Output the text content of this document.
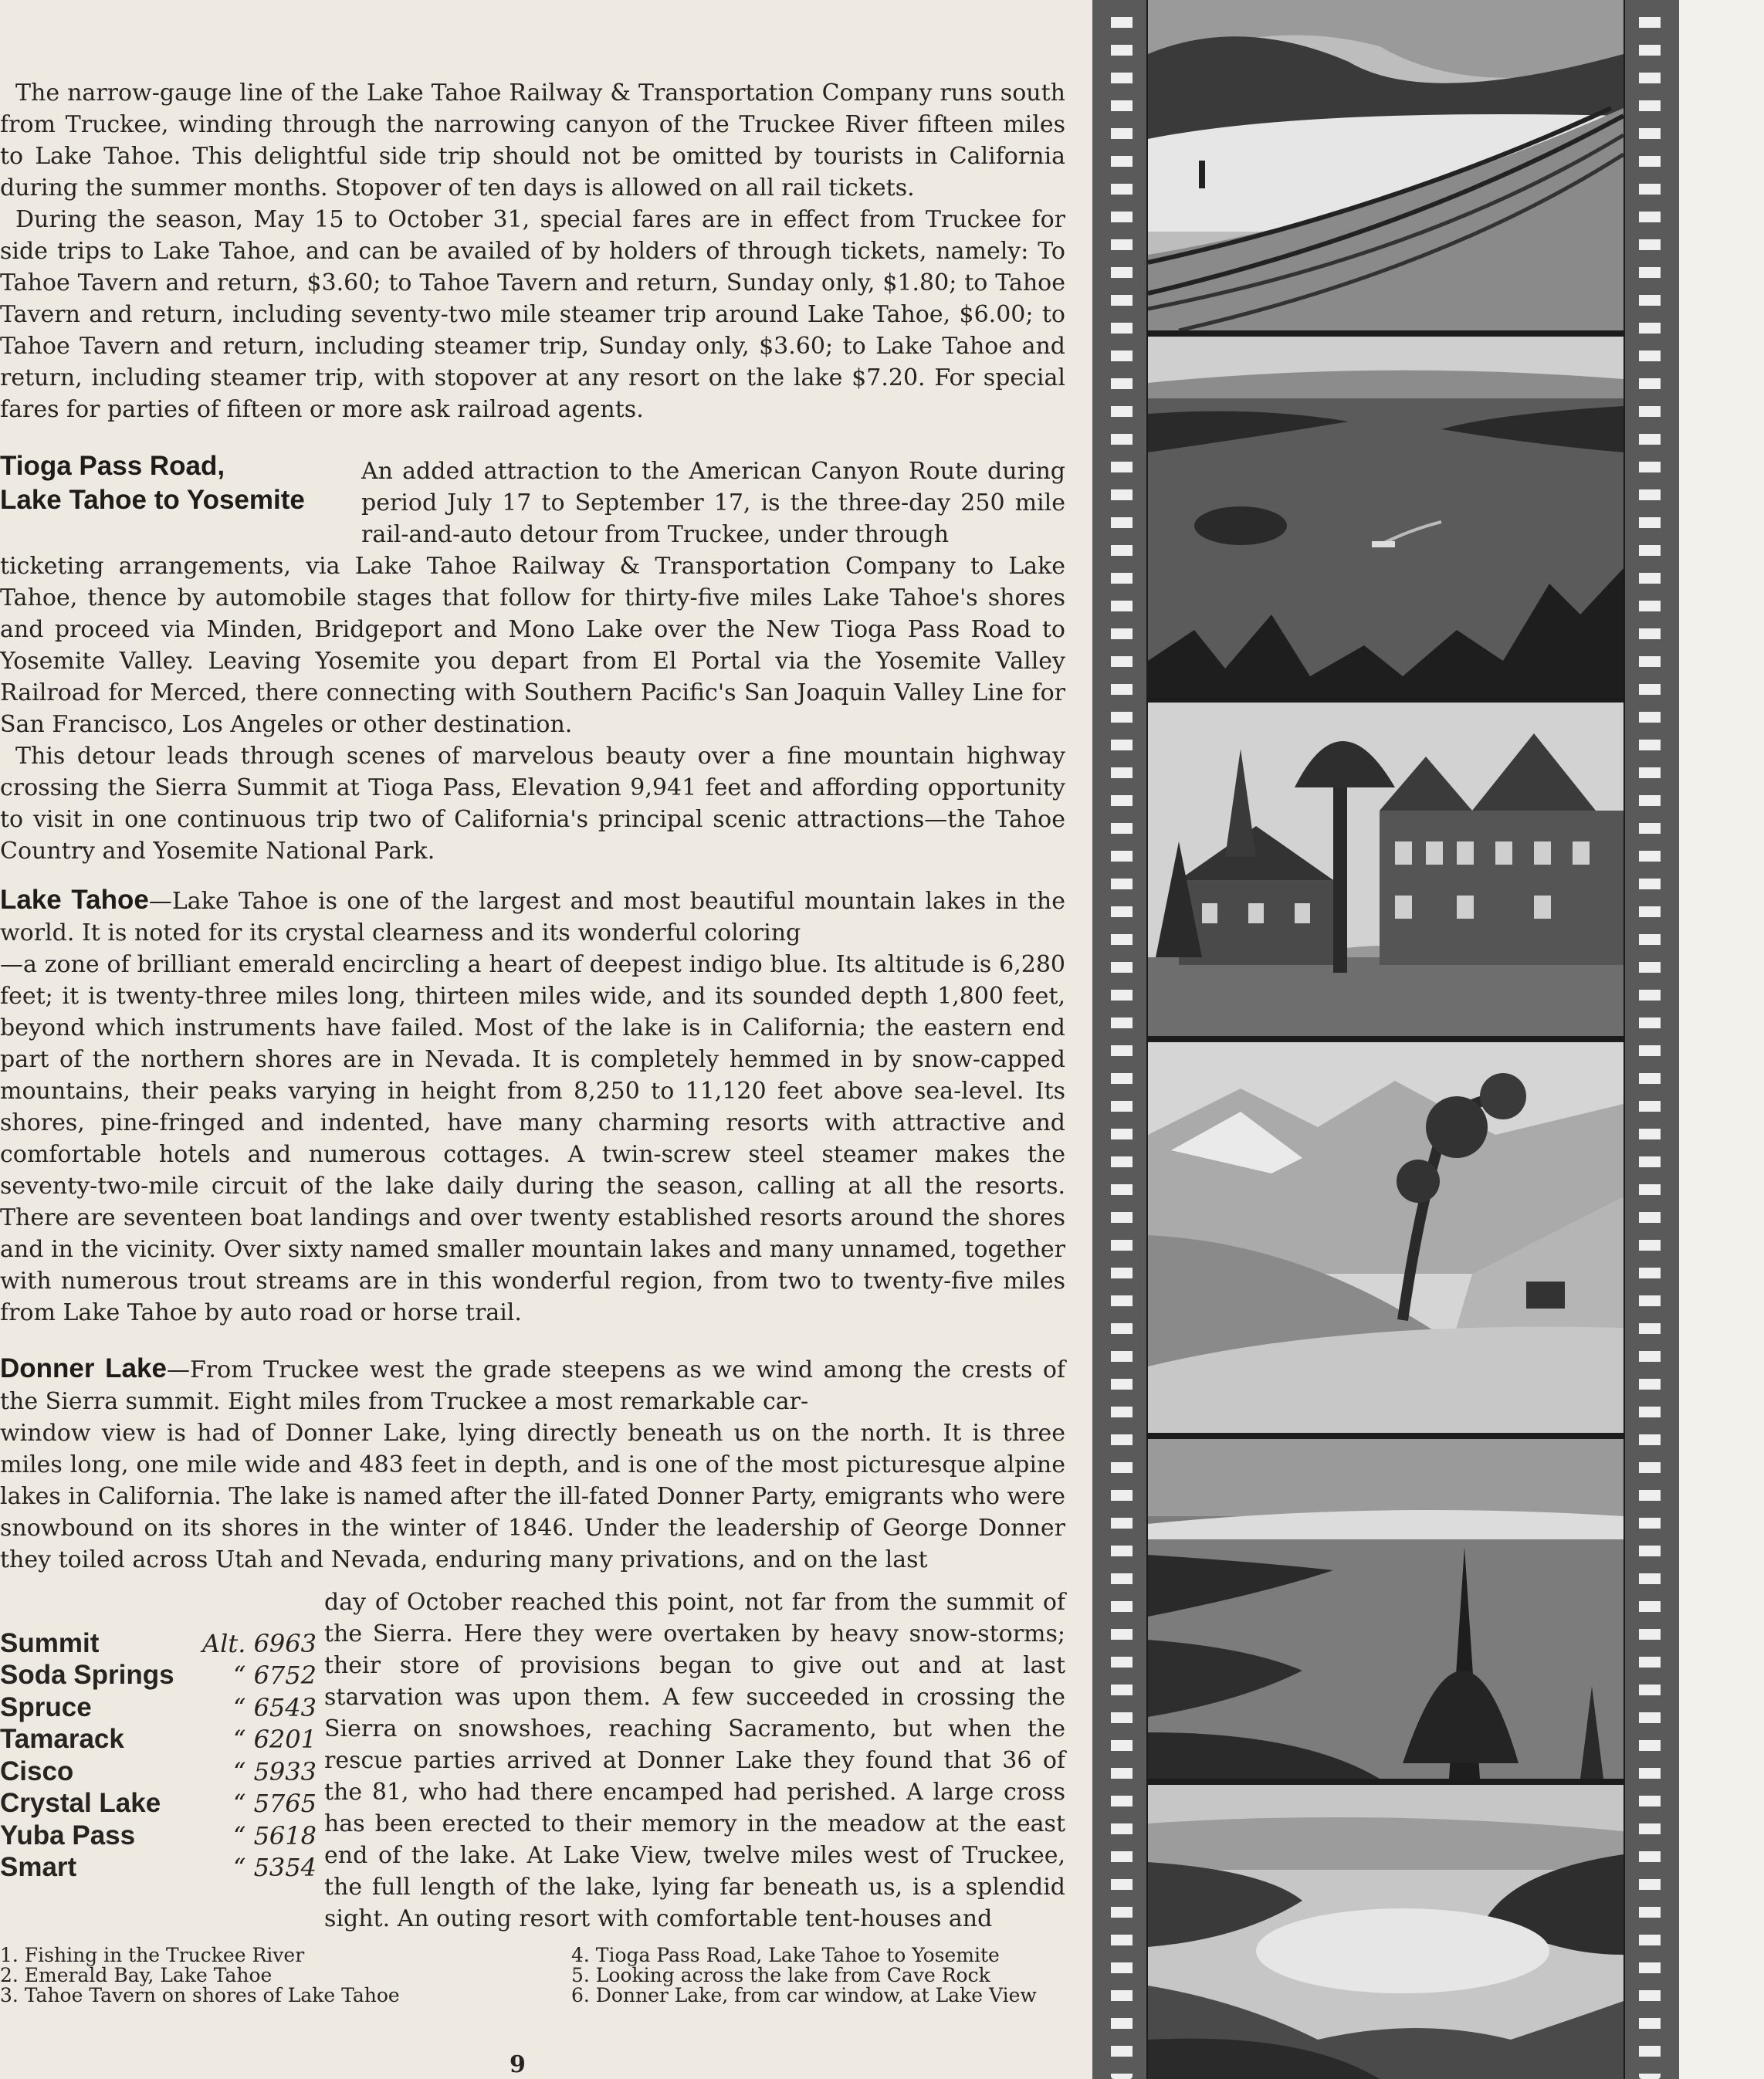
The narrow-gauge line of the Lake Tahoe Railway & Transportation Company runs south from Truckee, winding through the narrowing canyon of the Truckee River fifteen miles to Lake Tahoe. This delightful side trip should not be omitted by tourists in California during the summer months. Stopover of ten days is allowed on all rail tickets.

During the season, May 15 to October 31, special fares are in effect from Truckee for side trips to Lake Tahoe, and can be availed of by holders of through tickets, namely: To Tahoe Tavern and return, $3.60; to Tahoe Tavern and return, Sunday only, $1.80; to Tahoe Tavern and return, including seventy-two mile steamer trip around Lake Tahoe, $6.00; to Tahoe Tavern and return, including steamer trip, Sunday only, $3.60; to Lake Tahoe and return, including steamer trip, with stopover at any resort on the lake $7.20. For special fares for parties of fifteen or more ask railroad agents.

Tioga Pass Road,
Lake Tahoe to Yosemite
An added attraction to the American Canyon Route during period July 17 to September 17, is the three-day 250 mile rail-and-auto detour from Truckee, under through

ticketing arrangements, via Lake Tahoe Railway & Transportation Company to Lake Tahoe, thence by automobile stages that follow for thirty-five miles Lake Tahoe's shores and proceed via Minden, Bridgeport and Mono Lake over the New Tioga Pass Road to Yosemite Valley. Leaving Yosemite you depart from El Portal via the Yosemite Valley Railroad for Merced, there connecting with Southern Pacific's San Joaquin Valley Line for San Francisco, Los Angeles or other destination.

This detour leads through scenes of marvelous beauty over a fine mountain highway crossing the Sierra Summit at Tioga Pass, Elevation 9,941 feet and affording opportunity to visit in one continuous trip two of California's principal scenic attractions—the Tahoe Country and Yosemite National Park.

Lake Tahoe—Lake Tahoe is one of the largest and most beautiful mountain lakes in the world. It is noted for its crystal clearness and its wonderful coloring

—a zone of brilliant emerald encircling a heart of deepest indigo blue. Its altitude is 6,280 feet; it is twenty-three miles long, thirteen miles wide, and its sounded depth 1,800 feet, beyond which instruments have failed. Most of the lake is in California; the eastern end part of the northern shores are in Nevada. It is completely hemmed in by snow-capped mountains, their peaks varying in height from 8,250 to 11,120 feet above sea-level. Its shores, pine-fringed and indented, have many charming resorts with attractive and comfortable hotels and numerous cottages. A twin-screw steel steamer makes the seventy-two-mile circuit of the lake daily during the season, calling at all the resorts. There are seventeen boat landings and over twenty established resorts around the shores and in the vicinity. Over sixty named smaller mountain lakes and many unnamed, together with numerous trout streams are in this wonderful region, from two to twenty-five miles from Lake Tahoe by auto road or horse trail.

Donner Lake—From Truckee west the grade steepens as we wind among the crests of the Sierra summit. Eight miles from Truckee a most remarkable car-

window view is had of Donner Lake, lying directly beneath us on the north. It is three miles long, one mile wide and 483 feet in depth, and is one of the most picturesque alpine lakes in California. The lake is named after the ill-fated Donner Party, emigrants who were snowbound on its shores in the winter of 1846. Under the leadership of George Donner they toiled across Utah and Nevada, enduring many privations, and on the last

day of October reached this point, not far from the summit of the Sierra. Here they were overtaken by heavy snow-storms; their store of provisions began to give out and at last starvation was upon them. A few succeeded in crossing the Sierra on snowshoes, reaching Sacramento, but when the rescue parties arrived at Donner Lake they found that 36 of the 81, who had there encamped had perished. A large cross has been erected to their memory in the meadow at the east end of the lake. At Lake View, twelve miles west of Truckee, the full length of the lake, lying far beneath us, is a splendid sight. An outing resort with comfortable tent-houses and
Summit	Alt. 6963
Soda Springs	“ 6752
Spruce	“ 6543
Tamarack	“ 6201
Cisco	“ 5933
Crystal Lake	“ 5765
Yuba Pass	“ 5618
Smart	“ 5354
1. Fishing in the Truckee River
2. Emerald Bay, Lake Tahoe
3. Tahoe Tavern on shores of Lake Tahoe
4. Tioga Pass Road, Lake Tahoe to Yosemite
5. Looking across the lake from Cave Rock
6. Donner Lake, from car window, at Lake View
9
